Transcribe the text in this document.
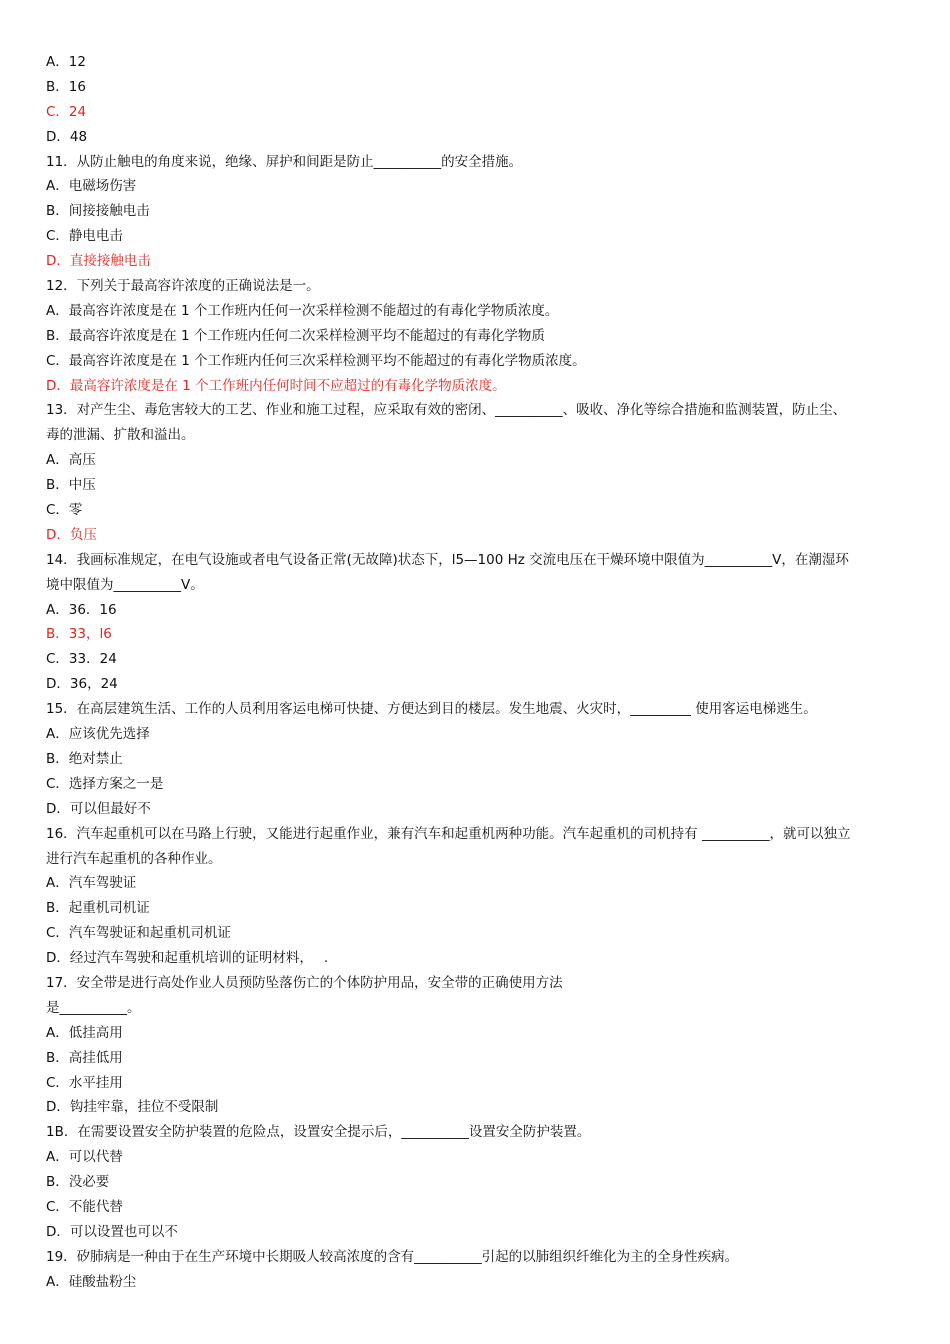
A．12
B．16
C．24
D．48
11．从防止触电的角度来说，绝缘、屏护和间距是防止__________的安全措施。
A．电磁场伤害
B．间接接触电击
C．静电电击
D．直接接触电击
12．下列关于最高容许浓度的正确说法是一。
A．最高容许浓度是在 1 个工作班内任何一次采样检测不能超过的有毒化学物质浓度。
B．最高容许浓度是在 1 个工作班内任何二次采样检测平均不能超过的有毒化学物质
C．最高容许浓度是在 1 个工作班内任何三次采样检测平均不能超过的有毒化学物质浓度。
D．最高容许浓度是在 1 个工作班内任何时间不应超过的有毒化学物质浓度。
13．对产生尘、毒危害较大的工艺、作业和施工过程，应采取有效的密闭、__________、吸收、净化等综合措施和监测装置，防止尘、
毒的泄漏、扩散和溢出。
A．高压
B．中压
C．零
D．负压
14．我画标准规定，在电气设施或者电气设备正常(无故障)状态下，l5—100 Hz 交流电压在干燥环境中限值为__________V，在潮湿环
境中限值为__________V。
A．36．16
B．33，l6
C．33．24
D．36，24
15．在高层建筑生活、工作的人员利用客运电梯可快捷、方便达到目的楼层。发生地震、火灾时，_________ 使用客运电梯逃生。
A．应该优先选择
B．绝对禁止
C．选择方案之一是
D．可以但最好不
16．汽车起重机可以在马路上行驶，又能进行起重作业，兼有汽车和起重机两种功能。汽车起重机的司机持有 __________，就可以独立
进行汽车起重机的各种作业。
A．汽车驾驶证
B．起重机司机证
C．汽车驾驶证和起重机司机证
D．经过汽车驾驶和起重机培训的证明材料，　 .
17．安全带是进行高处作业人员预防坠落伤亡的个体防护用品，安全带的正确使用方法
是__________。
A．低挂高用
B．高挂低用
C．水平挂用
D．钩挂牢靠，挂位不受限制
1B．在需要设置安全防护装置的危险点，设置安全提示后，__________设置安全防护装置。
A．可以代替
B．没必要
C．不能代替
D．可以设置也可以不
19．矽肺病是一种由于在生产环境中长期吸人较高浓度的含有__________引起的以肺组织纤维化为主的全身性疾病。
A．硅酸盐粉尘
